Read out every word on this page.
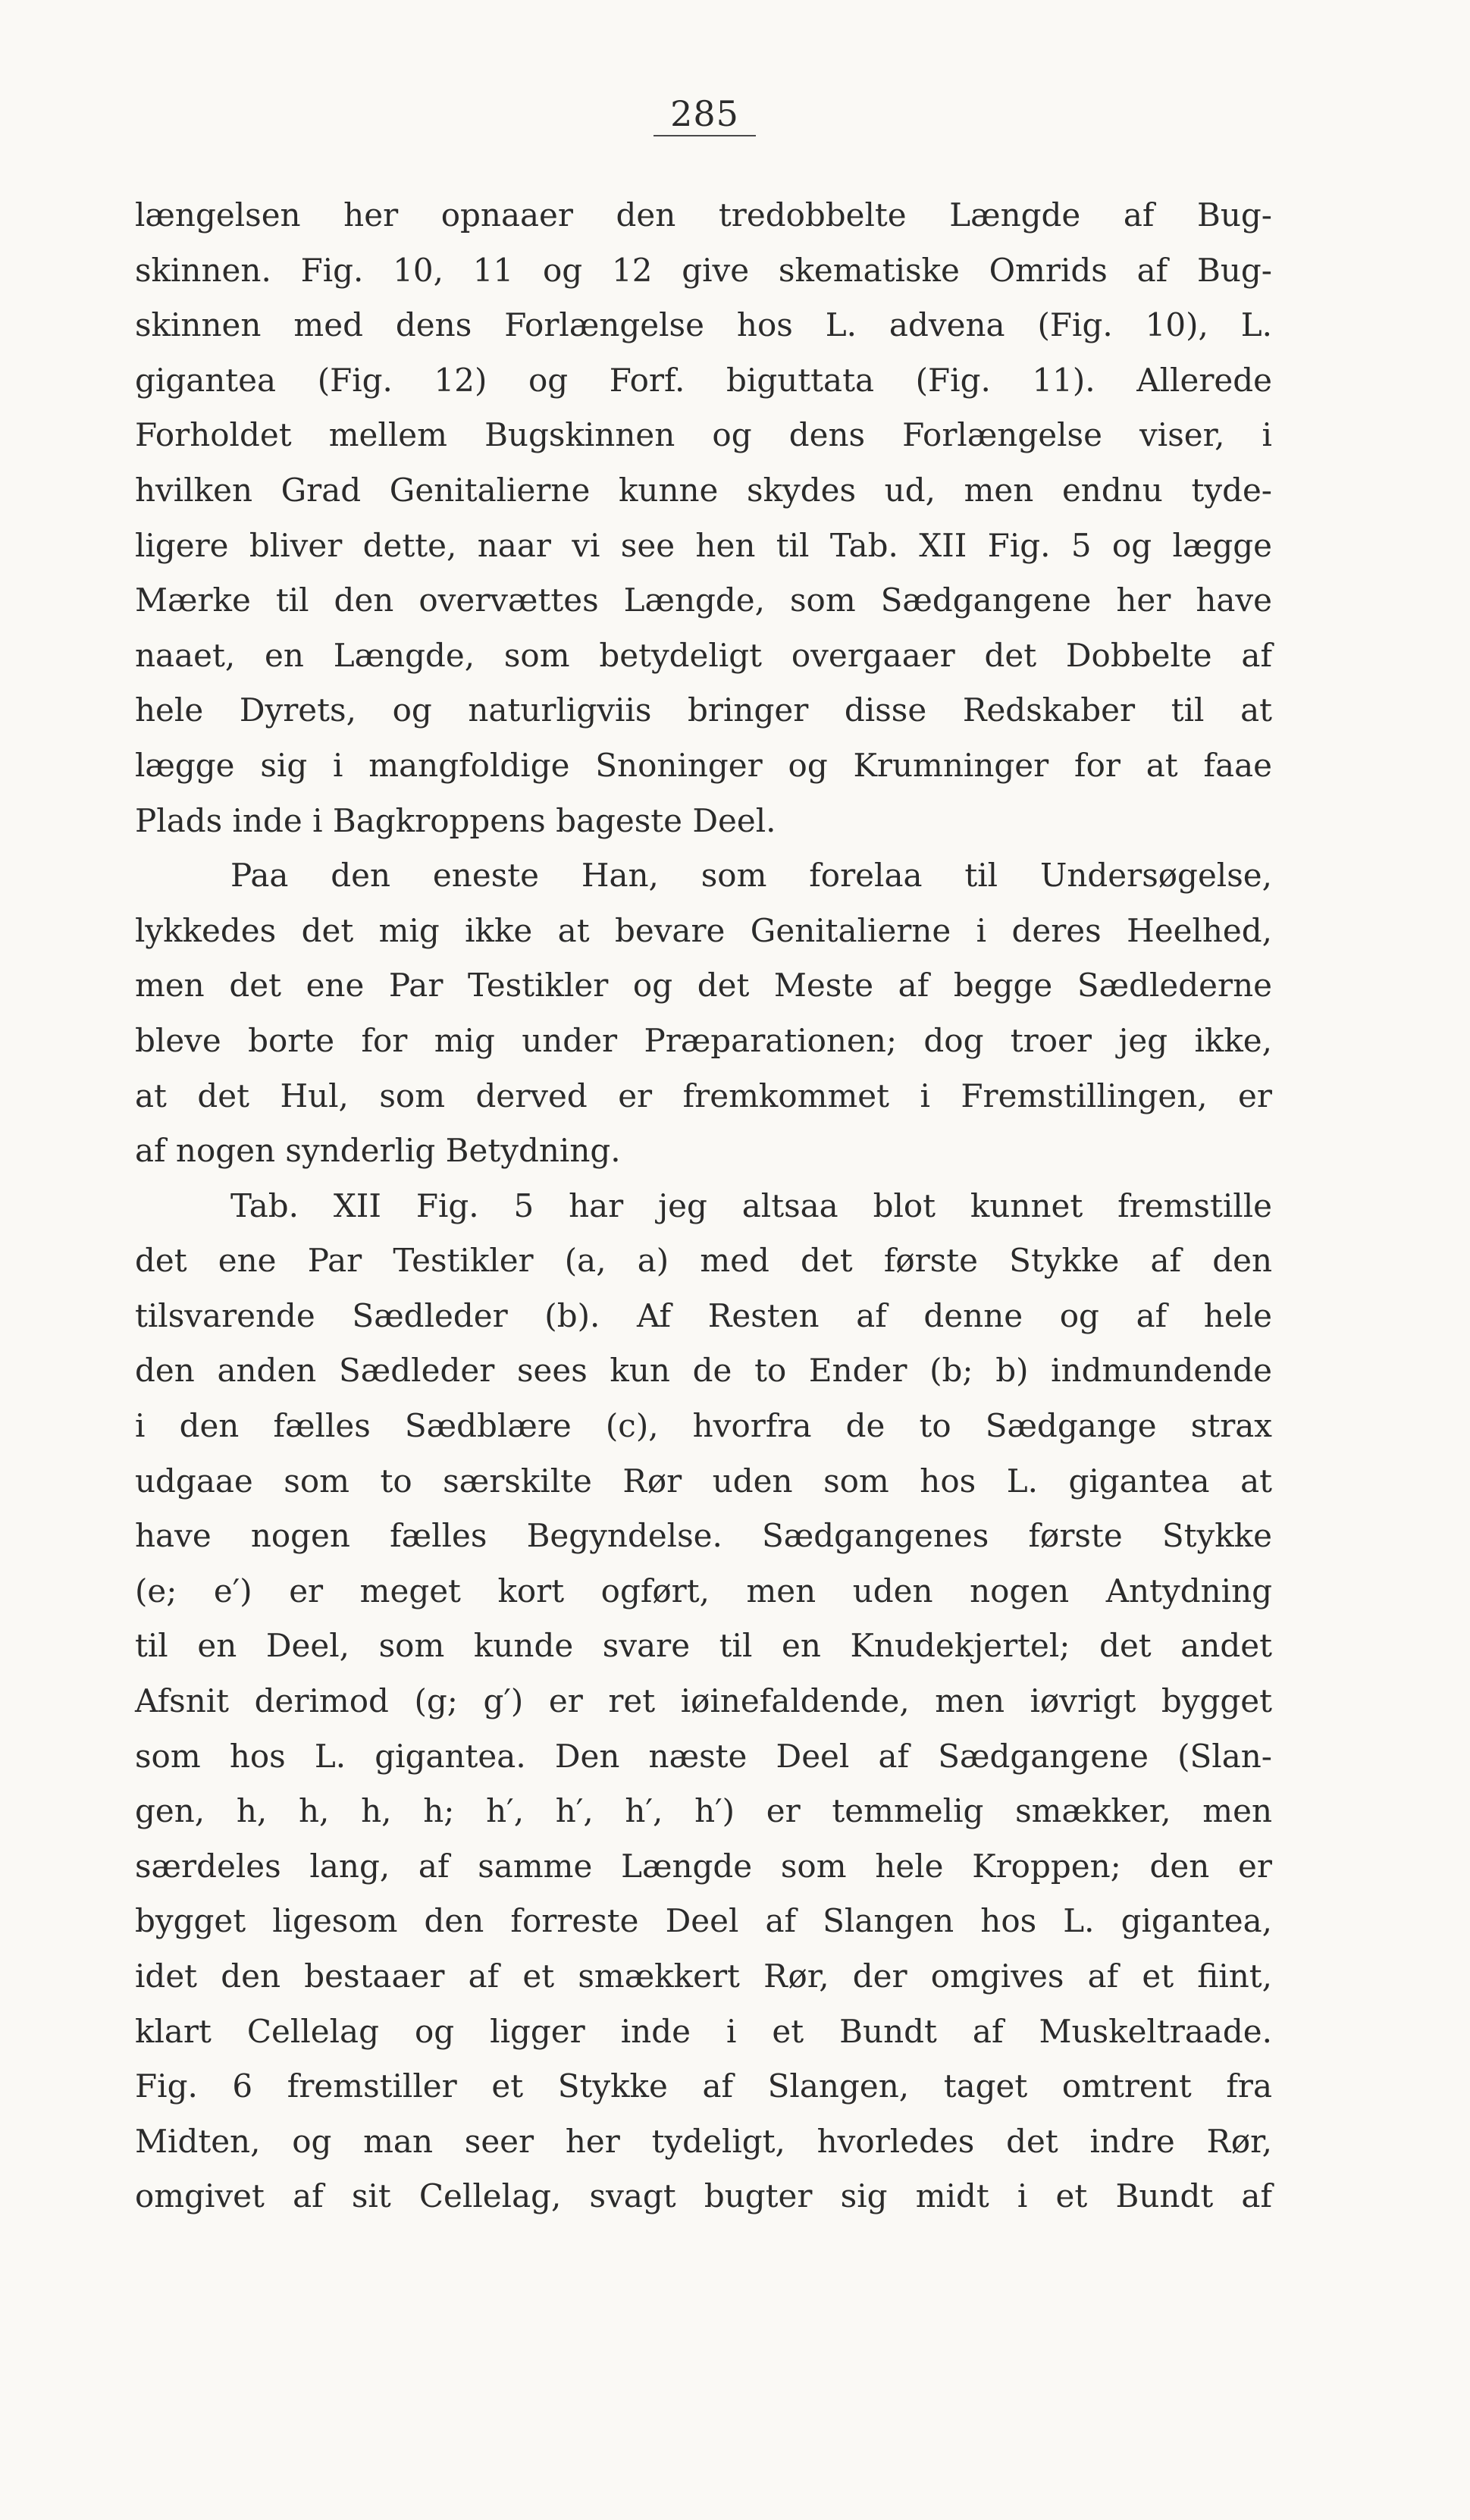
285
længelsen her opnaaer den tredobbelte Længde af Bug-
skinnen. Fig. 10, 11 og 12 give skematiske Omrids af Bug-
skinnen med dens Forlængelse hos L. advena (Fig. 10), L.
gigantea (Fig. 12) og Forf. biguttata (Fig. 11). Allerede
Forholdet mellem Bugskinnen og dens Forlængelse viser, i
hvilken Grad Genitalierne kunne skydes ud, men endnu tyde-
ligere bliver dette, naar vi see hen til Tab. XII Fig. 5 og lægge
Mærke til den overvættes Længde, som Sædgangene her have
naaet, en Længde, som betydeligt overgaaer det Dobbelte af
hele Dyrets, og naturligviis bringer disse Redskaber til at
lægge sig i mangfoldige Snoninger og Krumninger for at faae
Plads inde i Bagkroppens bageste Deel.
Paa den eneste Han, som forelaa til Undersøgelse,
lykkedes det mig ikke at bevare Genitalierne i deres Heelhed,
men det ene Par Testikler og det Meste af begge Sædlederne
bleve borte for mig under Præparationen; dog troer jeg ikke,
at det Hul, som derved er fremkommet i Fremstillingen, er
af nogen synderlig Betydning.
Tab. XII Fig. 5 har jeg altsaa blot kunnet fremstille
det ene Par Testikler (a, a) med det første Stykke af den
tilsvarende Sædleder (b). Af Resten af denne og af hele
den anden Sædleder sees kun de to Ender (b; b) indmundende
i den fælles Sædblære (c), hvorfra de to Sædgange strax
udgaae som to særskilte Rør uden som hos L. gigantea at
have nogen fælles Begyndelse. Sædgangenes første Stykke
(e; e′) er meget kort ogført, men uden nogen Antydning
til en Deel, som kunde svare til en Knudekjertel; det andet
Afsnit derimod (g; g′) er ret iøinefaldende, men iøvrigt bygget
som hos L. gigantea. Den næste Deel af Sædgangene (Slan-
gen, h, h, h, h; h′, h′, h′, h′) er temmelig smækker, men
særdeles lang, af samme Længde som hele Kroppen; den er
bygget ligesom den forreste Deel af Slangen hos L. gigantea,
idet den bestaaer af et smækkert Rør, der omgives af et fiint,
klart Cellelag og ligger inde i et Bundt af Muskeltraade.
Fig. 6 fremstiller et Stykke af Slangen, taget omtrent fra
Midten, og man seer her tydeligt, hvorledes det indre Rør,
omgivet af sit Cellelag, svagt bugter sig midt i et Bundt af
